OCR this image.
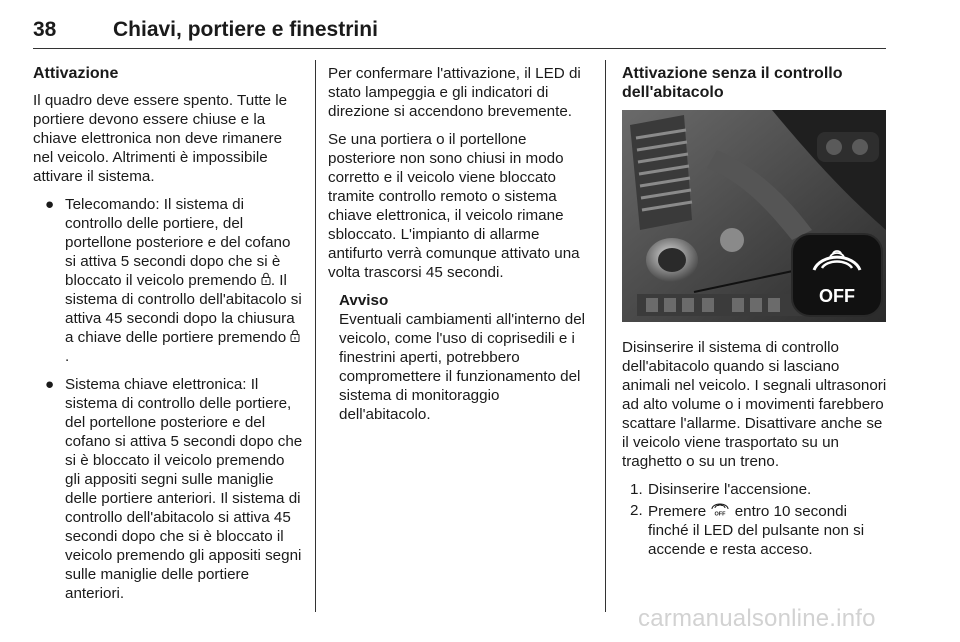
38	Chiavi, portiere e finestrini
Attivazione

Il quadro deve essere spento. Tutte le portiere devono essere chiuse e la chiave elettronica non deve rimanere nel veicolo. Altrimenti è impossibile attivare il sistema.

● Telecomando: Il sistema di controllo delle portiere, del portellone posteriore e del cofano si attiva 5 secondi dopo che si è bloccato il veicolo premendo . Il sistema di controllo dell'abitacolo si attiva 45 secondi dopo la chiusura a chiave delle portiere premendo .
● Sistema chiave elettronica: Il sistema di controllo delle portiere, del portellone posteriore e del cofano si attiva 5 secondi dopo che si è bloccato il veicolo premendo gli appositi segni sulle maniglie delle portiere anteriori. Il sistema di controllo dell'abitacolo si attiva 45 secondi dopo che si è bloccato il veicolo premendo gli appositi segni sulle maniglie delle portiere anteriori.

Per confermare l'attivazione, il LED di stato lampeggia e gli indicatori di direzione si accendono brevemente.

Se una portiera o il portellone posteriore non sono chiusi in modo corretto e il veicolo viene bloccato tramite controllo remoto o sistema chiave elettronica, il veicolo rimane sbloccato. L'impianto di allarme antifurto verrà comunque attivato una volta trascorsi 45 secondi.

Avviso

Eventuali cambiamenti all'interno del veicolo, come l'uso di coprisedili e i finestrini aperti, potrebbero compromettere il funzionamento del sistema di monitoraggio dell'abitacolo.

Attivazione senza il controllo dell'abitacolo
OFF

Disinserire il sistema di controllo dell'abitacolo quando si lasciano
animali nel veicolo. I segnali ultrasonori ad alto volume o i movimenti farebbero scattare l'allarme. Disattivare anche se il veicolo viene trasportato su un traghetto o su un treno.

1. Disinserire l'accensione.
2. Premere OFF entro 10 secondi finché il LED del pulsante non si accende e resta acceso.
carmanualsonline.info
